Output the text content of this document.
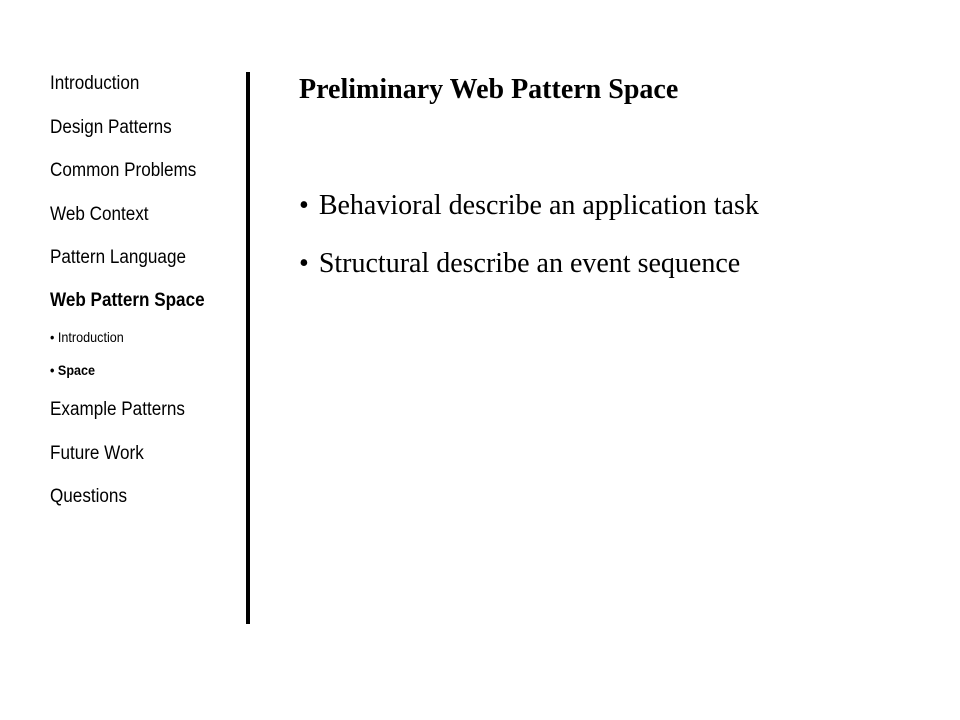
Introduction
Design Patterns
Common Problems
Web Context
Pattern Language
Web Pattern Space
• Introduction
• Space
Example Patterns
Future Work
Questions
Preliminary Web Pattern Space
• Behavioral describe an application task
• Structural describe an event sequence
